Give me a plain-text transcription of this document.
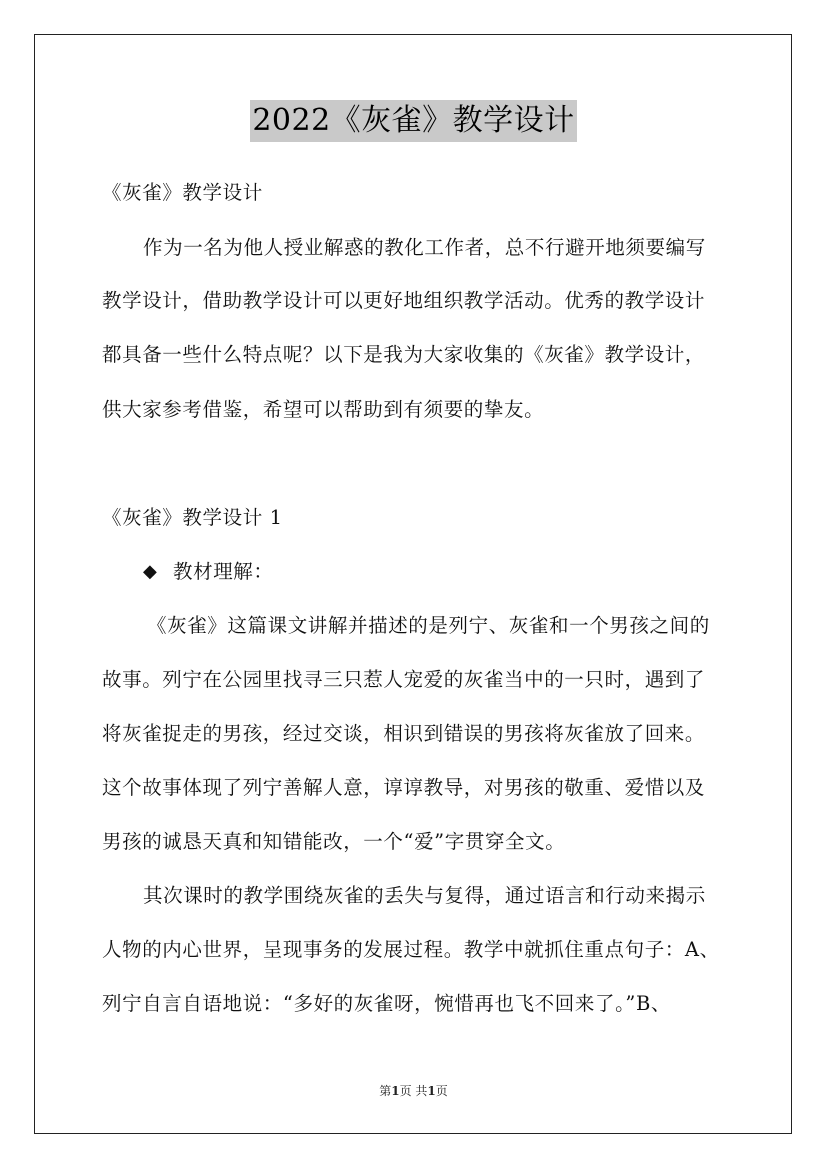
2022《灰雀》教学设计
《灰雀》教学设计
作为一名为他人授业解惑的教化工作者，总不行避开地须要编写
教学设计，借助教学设计可以更好地组织教学活动。优秀的教学设计
都具备一些什么特点呢？以下是我为大家收集的《灰雀》教学设计，
供大家参考借鉴，希望可以帮助到有须要的挚友。
《灰雀》教学设计 1
◆ 教材理解：
《灰雀》这篇课文讲解并描述的是列宁、灰雀和一个男孩之间的
故事。列宁在公园里找寻三只惹人宠爱的灰雀当中的一只时，遇到了
将灰雀捉走的男孩，经过交谈，相识到错误的男孩将灰雀放了回来。
这个故事体现了列宁善解人意，谆谆教导，对男孩的敬重、爱惜以及
男孩的诚恳天真和知错能改，一个“爱”字贯穿全文。
其次课时的教学围绕灰雀的丢失与复得，通过语言和行动来揭示
人物的内心世界，呈现事务的发展过程。教学中就抓住重点句子：A、
列宁自言自语地说：“多好的灰雀呀，惋惜再也飞不回来了。”B、
第1页 共1页
